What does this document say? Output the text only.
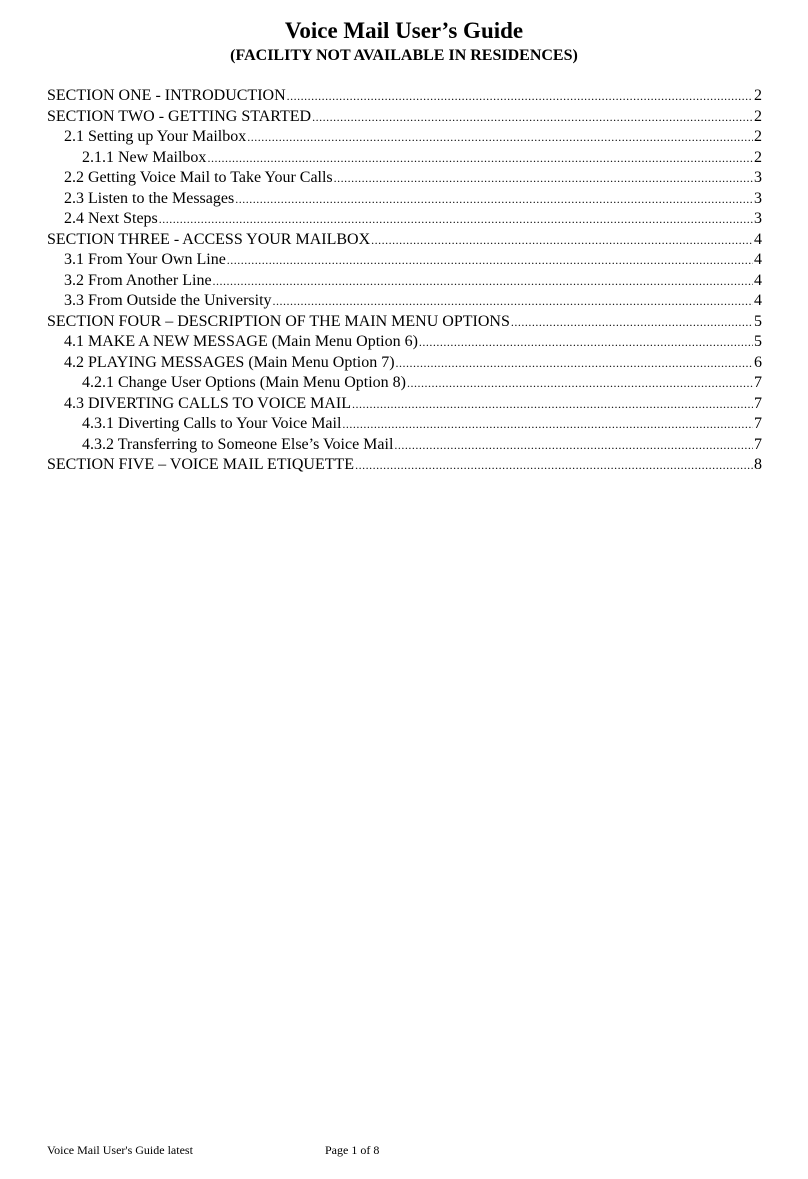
Voice Mail User’s Guide
(FACILITY NOT AVAILABLE IN RESIDENCES)
SECTION ONE - INTRODUCTION .....	2
SECTION TWO - GETTING STARTED .....	2
2.1 Setting up Your Mailbox .....	2
2.1.1 New Mailbox .....	2
2.2 Getting Voice Mail to Take Your Calls .....	3
2.3 Listen to the Messages .....	3
2.4 Next Steps .....	3
SECTION THREE - ACCESS YOUR MAILBOX .....	4
3.1 From Your Own Line .....	4
3.2 From Another Line .....	4
3.3 From Outside the University .....	4
SECTION FOUR – DESCRIPTION OF THE MAIN MENU OPTIONS .....	5
4.1 MAKE A NEW MESSAGE (Main Menu Option 6) .....	5
4.2 PLAYING MESSAGES (Main Menu Option 7) .....	6
4.2.1 Change User Options (Main Menu Option 8) .....	7
4.3 DIVERTING CALLS TO VOICE MAIL .....	7
4.3.1 Diverting Calls to Your Voice Mail .....	7
4.3.2 Transferring to Someone Else’s Voice Mail .....	7
SECTION FIVE – VOICE MAIL ETIQUETTE .....	8
Voice Mail User's Guide latest	Page 1 of 8
